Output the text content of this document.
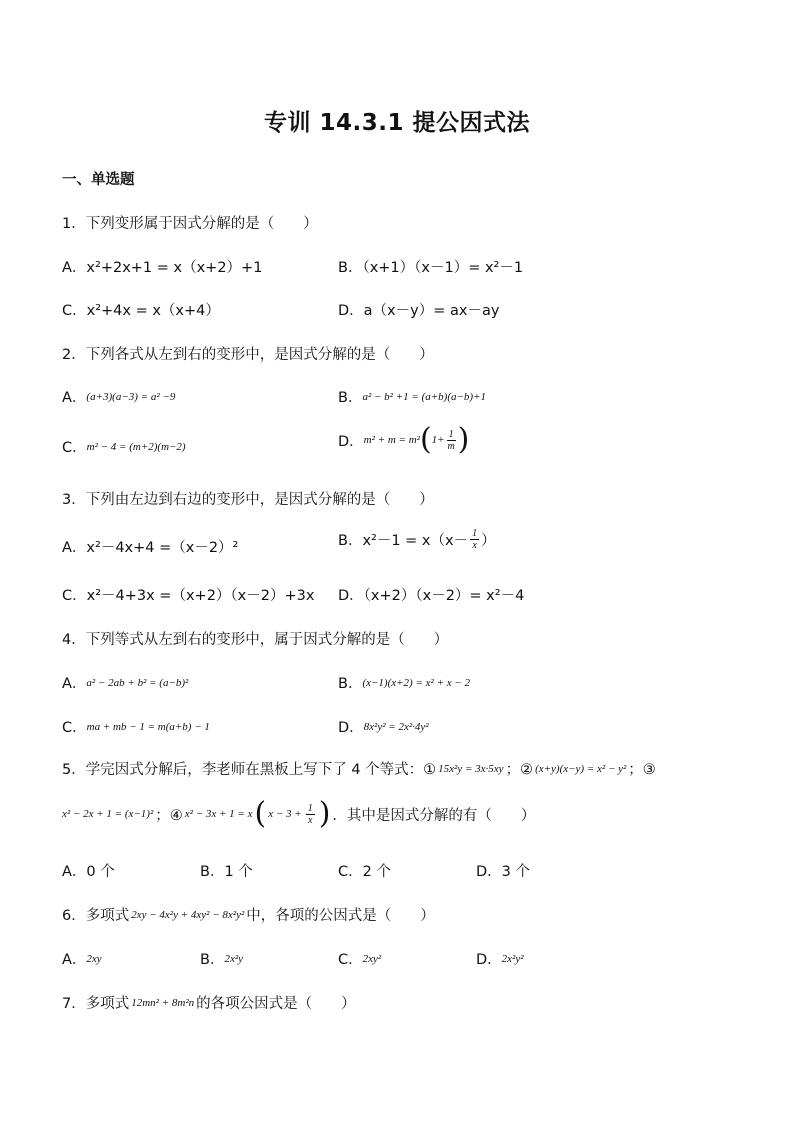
专训 14.3.1 提公因式法
一、单选题
1．下列变形属于因式分解的是（　　）
A．x²+2x+1 = x（x+2）+1	B．（x+1）（x－1）= x²－1
C．x²+4x = x（x+4）	D．a（x－y）= ax－ay
2．下列各式从左到右的变形中，是因式分解的是（　　）
A． (a+3)(a−3) = a² −9	B． a² − b² +1 = (a+b)(a−b)+1
C． m² − 4 = (m+2)(m−2)	D． m² + m = m² ( $1+ \frac{1}{m}$ )
3．下列由左边到右边的变形中，是因式分解的是（　　）
A．x²－4x+4 =（x－2）²	B．$x^2-1 = x(x- \frac{1}{x}$ ）
C．x²－4+3x =（x+2）（x－2）+3x D．（x+2）（x－2）= x²－4
4．下列等式从左到右的变形中，属于因式分解的是（　　）
A． a² − 2ab + b² = (a−b)²	B． (x−1)(x+2) = x² + x − 2
C． ma + mb − 1 = m(a+b) − 1	D． 8x²y² = 2x²·4y²
5．学完因式分解后，李老师在黑板上写下了 4 个等式：① 15x²y = 3x·5xy ；② (x+y)(x−y) = x² − y² ；③
x² − 2x + 1 = (x−1)² ；④ x² − 3x + 1 = x ( $x - 3 + \frac{1}{x}$ ) ．其中是因式分解的有（　　）
A．0 个	B．1 个	C．2 个	D．3 个
6．多项式 2xy − 4x²y + 4xy² − 8x²y² 中，各项的公因式是（　　）
A． 2xy	B． 2x²y	C． 2xy²	D． 2x²y²
7．多项式 12mn² + 8m²n 的各项公因式是（　　）
